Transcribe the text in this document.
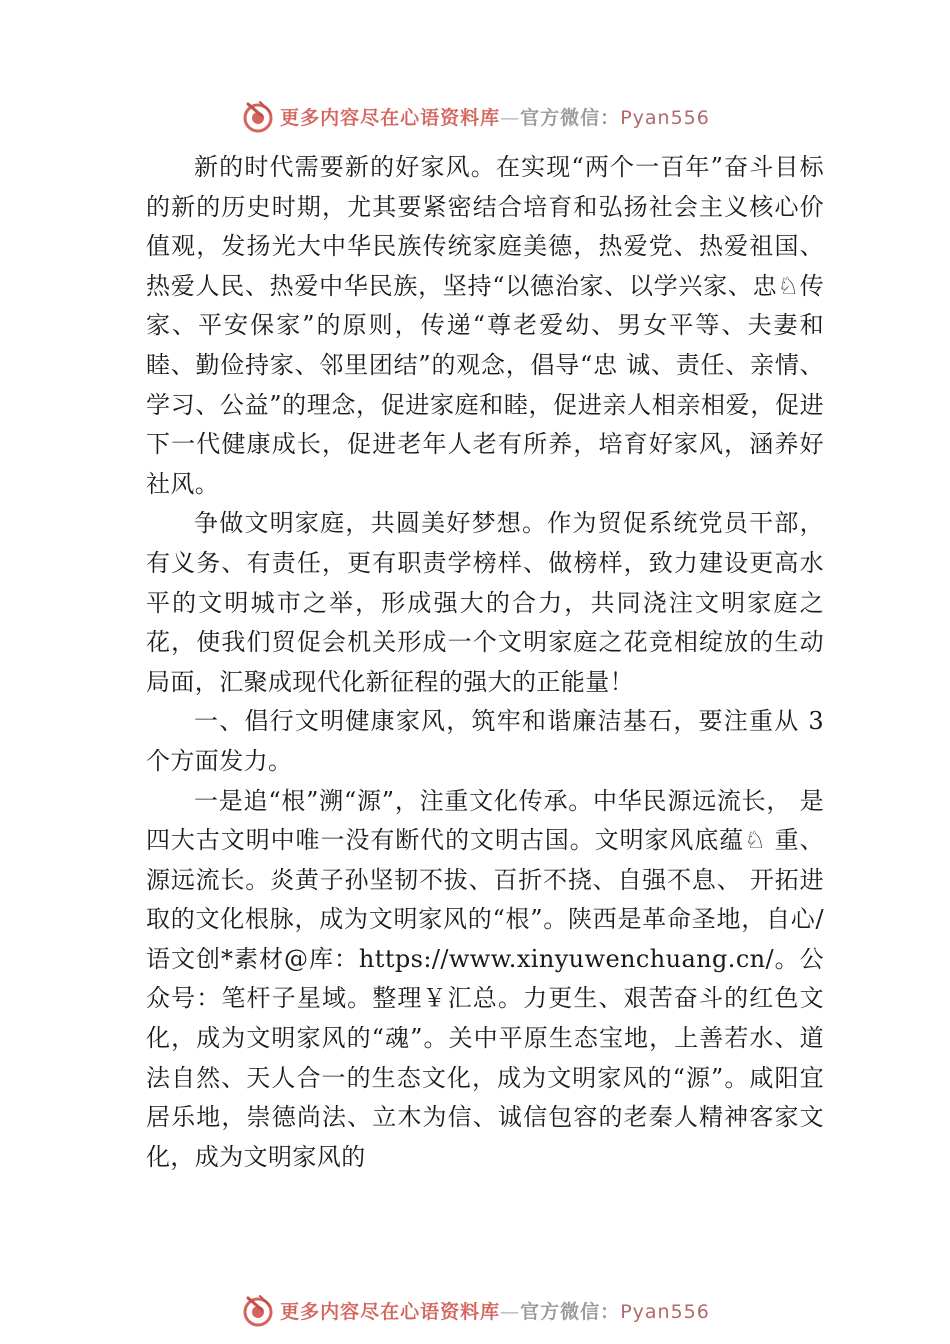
更多内容尽在心语资料库—官方微信：Pyan556

新的时代需要新的好家风。在实现“两个一百年”奋斗目标的新的历史时期，尤其要紧密结合培育和弘扬社会主义核心价值观，发扬光大中华民族传统家庭美德，热爱党、热爱祖国、热爱人民、热爱中华民族，坚持“以德治家、以学兴家、忠♘传家、平安保家”的原则，传递“尊老爱幼、男女平等、夫妻和睦、勤俭持家、邻里团结”的观念，倡导“忠 诚、责任、亲情、学习、公益”的理念，促进家庭和睦，促进亲人相亲相爱，促进下一代健康成长，促进老年人老有所养，培育好家风，涵养好社风。

争做文明家庭，共圆美好梦想。作为贸促系统党员干部，有义务、有责任，更有职责学榜样、做榜样，致力建设更高水平的文明城市之举，形成强大的合力，共同浇注文明家庭之花，使我们贸促会机关形成一个文明家庭之花竞相绽放的生动局面，汇聚成现代化新征程的强大的正能量！

一、倡行文明健康家风，筑牢和谐廉洁基石，要注重从 3 个方面发力。

一是追“根”溯“源”，注重文化传承。中华民源远流长， 是四大古文明中唯一没有断代的文明古国。文明家风底蕴♘ 重、源远流长。炎黄子孙坚韧不拔、百折不挠、自强不息、 开拓进取的文化根脉，成为文明家风的“根”。陕西是革命圣地，自心/语文创*素材@库：https://www.xinyuwenchuang.cn/。公众号：笔杆子星域。整理￥汇总。力更生、艰苦奋斗的红色文化，成为文明家风的“魂”。关中平原生态宝地，上善若水、道法自然、天人合一的生态文化，成为文明家风的“源”。咸阳宜居乐地，崇德尚法、立木为信、诚信包容的老秦人精神客家文化，成为文明家风的

更多内容尽在心语资料库—官方微信：Pyan556
